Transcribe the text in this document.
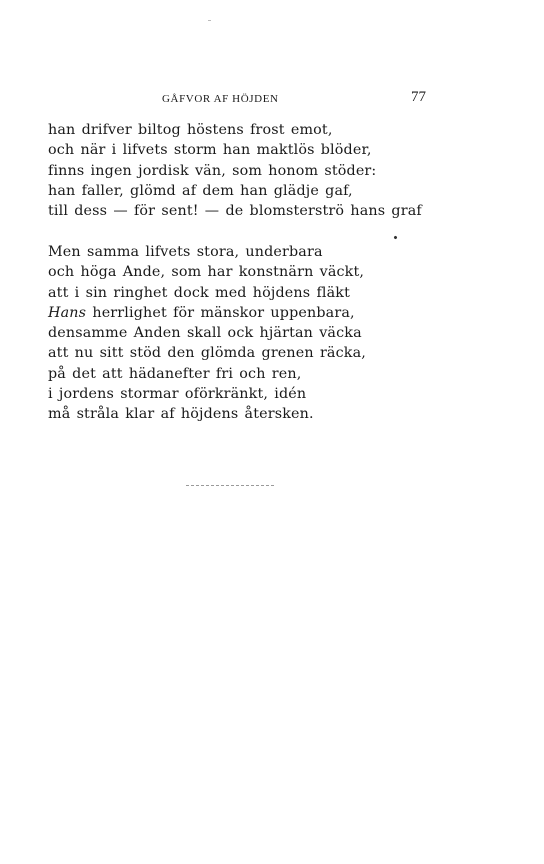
GÅFVOR AF HÖJDEN	77
han drifver biltog höstens frost emot,
och när i lifvets storm han maktlös blöder,
finns ingen jordisk vän, som honom stöder:
han faller, glömd af dem han glädje gaf,
till dess — för sent! — de blomsterströ hans graf
Men samma lifvets stora, underbara
och höga Ande, som har konstnärn väckt,
att i sin ringhet dock med höjdens fläkt
Hans herrlighet för mänskor uppenbara,
densamme Anden skall ock hjärtan väcka
att nu sitt stöd den glömda grenen räcka,
på det att hädanefter fri och ren,
i jordens stormar oförkränkt, idén
må stråla klar af höjdens återsken.
